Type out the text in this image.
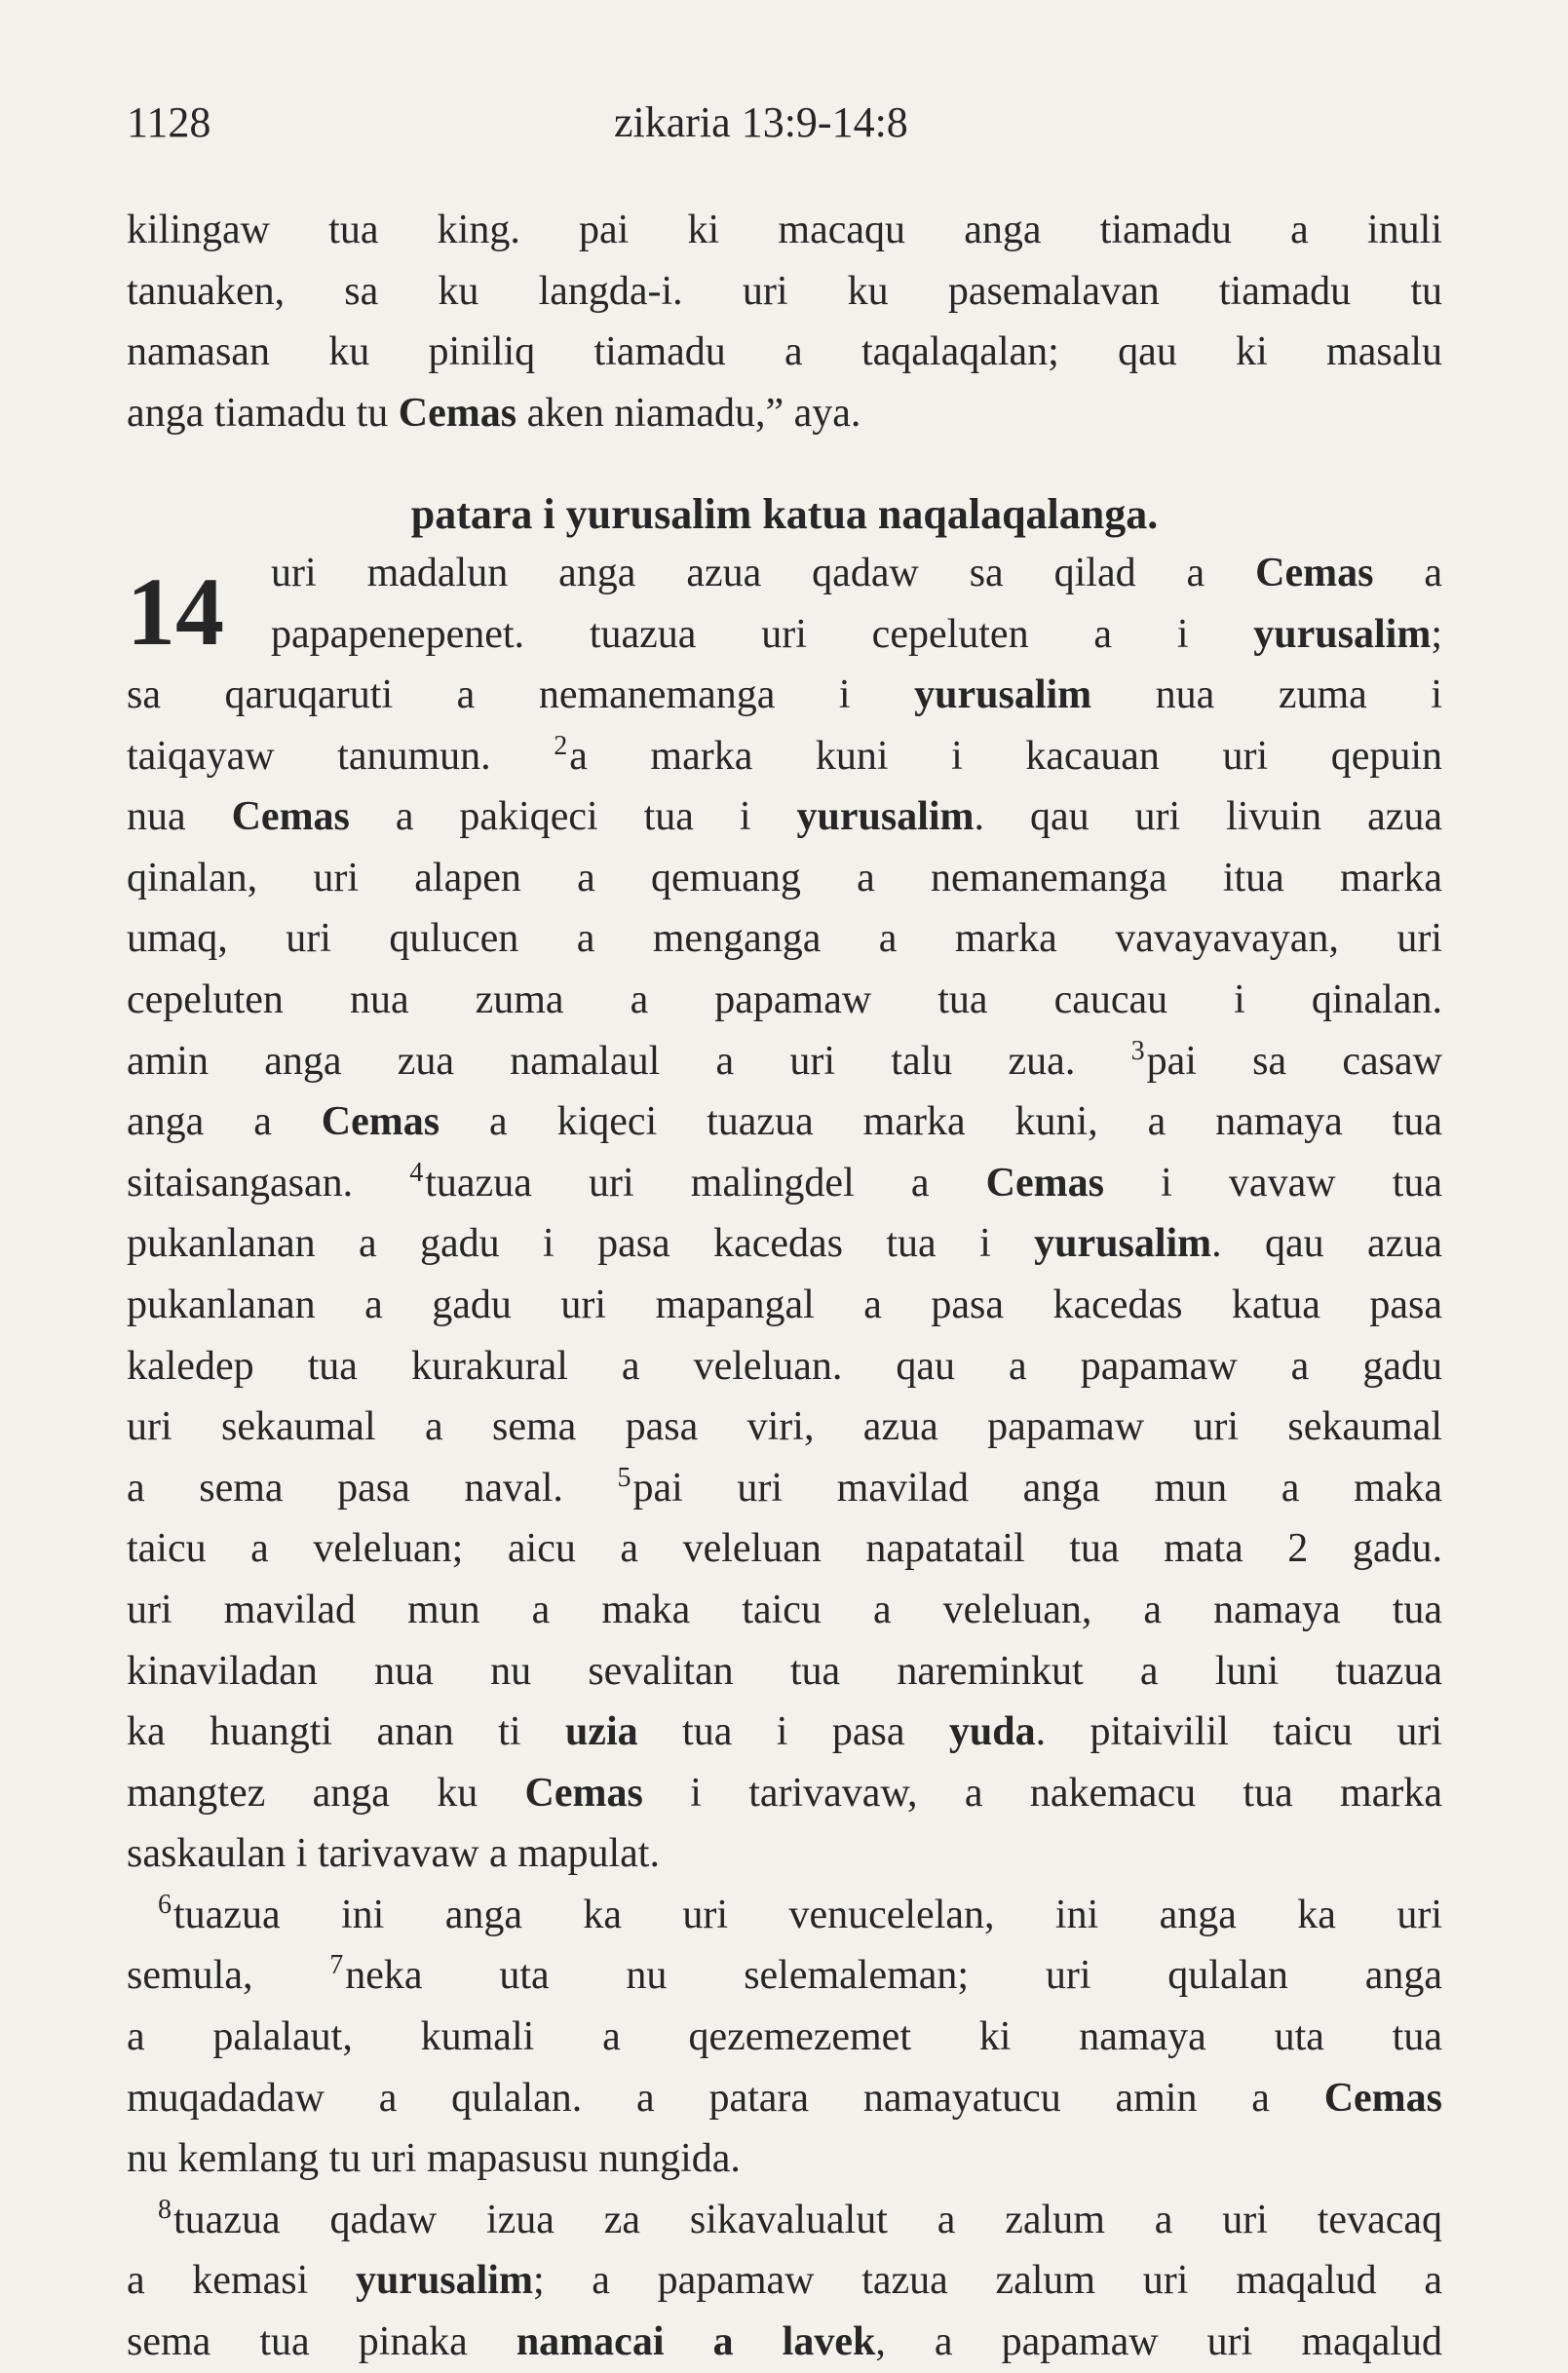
1128	zikaria 13:9-14:8
kilingaw tua king. pai ki macaqu anga tiamadu a inuli
tanuaken, sa ku langda-i. uri ku pasemalavan tiamadu tu
namasan ku piniliq tiamadu a taqalaqalan; qau ki masalu
anga tiamadu tu Cemas aken niamadu,” aya.
patara i yurusalim katua naqalaqalanga.
14 uri madalun anga azua qadaw sa qilad a Cemas a
papapenepenet. tuazua uri cepeluten a i yurusalim;
sa qaruqaruti a nemanemanga i yurusalim nua zuma i
taiqayaw tanumun. $^2$a marka kuni i kacauan uri qepuin
nua Cemas a pakiqeci tua i yurusalim. qau uri livuin azua
qinalan, uri alapen a qemuang a nemanemanga itua marka
umaq, uri qulucen a menganga a marka vavayavayan, uri
cepeluten nua zuma a papamaw tua caucau i qinalan.
amin anga zua namalaul a uri talu zua. $^3$pai sa casaw
anga a Cemas a kiqeci tuazua marka kuni, a namaya tua
sitaisangasan. $^4$tuazua uri malingdel a Cemas i vavaw tua
pukanlanan a gadu i pasa kacedas tua i yurusalim. qau azua
pukanlanan a gadu uri mapangal a pasa kacedas katua pasa
kaledep tua kurakural a veleluan. qau a papamaw a gadu
uri sekaumal a sema pasa viri, azua papamaw uri sekaumal
a sema pasa naval. $^5$pai uri mavilad anga mun a maka
taicu a veleluan; aicu a veleluan napatatail tua mata 2 gadu.
uri mavilad mun a maka taicu a veleluan, a namaya tua
kinaviladan nua nu sevalitan tua nareminkut a luni tuazua
ka huangti anan ti uzia tua i pasa yuda. pitaivilil taicu uri
mangtez anga ku Cemas i tarivavaw, a nakemacu tua marka
saskaulan i tarivavaw a mapulat.
$^6$tuazua ini anga ka uri venucelelan, ini anga ka uri
semula, $^7$neka uta nu selemaleman; uri qulalan anga
a palalaut, kumali a qezemezemet ki namaya uta tua
muqadadaw a qulalan. a patara namayatucu amin a Cemas
nu kemlang tu uri mapasusu nungida.
$^8$tuazua qadaw izua za sikavalualut a zalum a uri tevacaq
a kemasi yurusalim; a papamaw tazua zalum uri maqalud a
sema tua pinaka namacai a lavek, a papamaw uri maqalud
